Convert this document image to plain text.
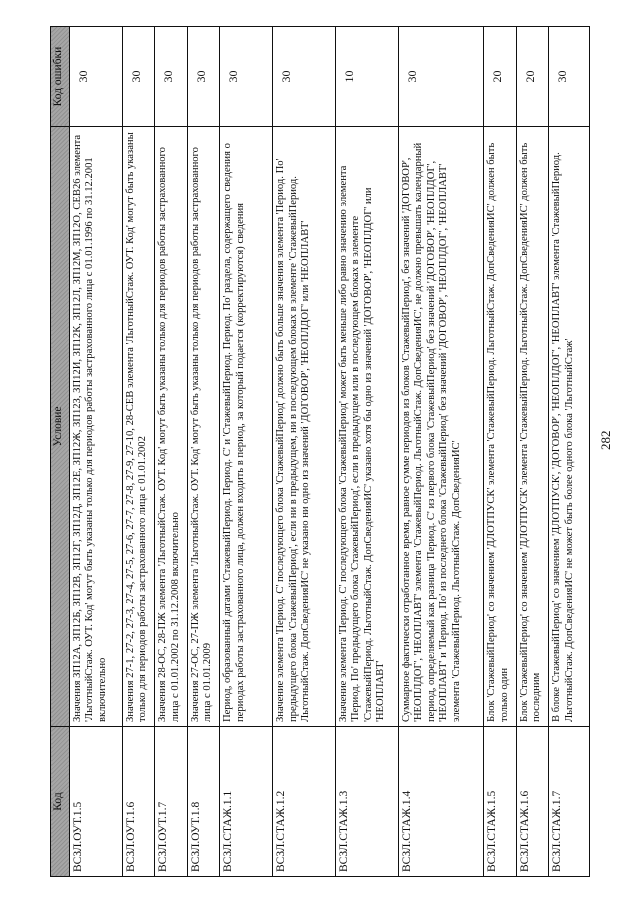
282
Код	Условие	Код ошибки
ВСЗЛ.ОУТ.1.5	Значения ЗП12А, ЗП12Б, ЗП12В, ЗП12Г, ЗП12Д, ЗП12Е, ЗП12Ж, ЗП12З, ЗП12И, ЗП12К, ЗП12Л, ЗП12М, ЗП12О, СЕВ26 элемента 'ЛьготныйСтаж. ОУТ. Код' могут быть указаны только для периодов работы застрахованного лица с 01.01.1996 по 31.12.2001 включительно	30
ВСЗЛ.ОУТ.1.6	Значения 27-1, 27-2, 27-3, 27-4, 27-5, 27-6, 27-7, 27-8, 27-9, 27-10, 28-СЕВ элемента 'ЛьготныйСтаж. ОУТ. Код' могут быть указаны только для периодов работы застрахованного лица с 01.01.2002	30
ВСЗЛ.ОУТ.1.7	Значения 28-ОС, 28-ПЖ элемента 'ЛьготныйСтаж. ОУТ. Код' могут быть указаны только для периодов работы застрахованного лица с 01.01.2002 по 31.12.2008 включительно	30
ВСЗЛ.ОУТ.1.8	Значения 27-ОС, 27-ПЖ элемента 'ЛьготныйСтаж. ОУТ. Код' могут быть указаны только для периодов работы застрахованного лица с 01.01.2009	30
ВСЗЛ.СТАЖ.1.1	Период, образованный датами 'СтажевыйПериод. Период. С' и 'СтажевыйПериод. Период. По' раздела, содержащего сведения о периодах работы застрахованного лица, должен входить в период, за который подается (корректируются) сведения	30
ВСЗЛ.СТАЖ.1.2	Значение элемента 'Период. С' последующего блока 'СтажевыйПериод' должно быть больше значения элемента 'Период. По' предыдущего блока 'СтажевыйПериод', если ни в предыдущем, ни в последующем блоках в элементе 'СтажевыйПериод. ЛьготныйСтаж. ДопСведенияИС' не указано ни одно из значений 'ДОГОВОР', 'НЕОПЛДОГ' или 'НЕОПЛАВТ'	30
ВСЗЛ.СТАЖ.1.3	Значение элемента 'Период. С' последующего блока 'СтажевыйПериод' может быть меньше либо равно значению элемента 'Период. По' предыдущего блока 'СтажевыйПериод', если в предыдущем или в последующем блоках в элементе 'СтажевыйПериод. ЛьготныйСтаж. ДопСведенияИС' указано хотя бы одно из значений 'ДОГОВОР', 'НЕОПЛДОГ' или 'НЕОПЛАВТ'	10
ВСЗЛ.СТАЖ.1.4	Суммарное фактически отработанное время, равное сумме периодов из блоков 'СтажевыйПериод', без значений 'ДОГОВОР', 'НЕОПЛДОГ', 'НЕОПЛАВТ' элемента 'СтажевыйПериод. ЛьготныйСтаж. ДопСведенияИС', не должно превышать календарный период, определяемый как разница 'Период. С' из первого блока 'СтажевыйПериод' без значений 'ДОГОВОР', 'НЕОПЛДОГ', 'НЕОПЛАВТ' и 'Период. По' из последнего блока 'СтажевыйПериод' без значений 'ДОГОВОР', 'НЕОПЛДОГ', 'НЕОПЛАВТ' элемента 'СтажевыйПериод. ЛьготныйСтаж. ДопСведенияИС'	30
ВСЗЛ.СТАЖ.1.5	Блок 'СтажевыйПериод' со значением 'ДЛОТПУСК' элемента 'СтажевыйПериод. ЛьготныйСтаж. ДопСведенияИС' должен быть только один	20
ВСЗЛ.СТАЖ.1.6	Блок 'СтажевыйПериод' со значением 'ДЛОТПУСК' элемента 'СтажевыйПериод. ЛьготныйСтаж. ДопСведенияИС' должен быть последним	20
ВСЗЛ.СТАЖ.1.7	В блоке 'СтажевыйПериод' со значением 'ДЛОТПУСК', 'ДОГОВОР', 'НЕОПЛДОГ', 'НЕОПЛАВТ' элемента 'СтажевыйПериод. ЛьготныйСтаж. ДопСведенияИС' не может быть более одного блока 'ЛьготныйСтаж'	30
